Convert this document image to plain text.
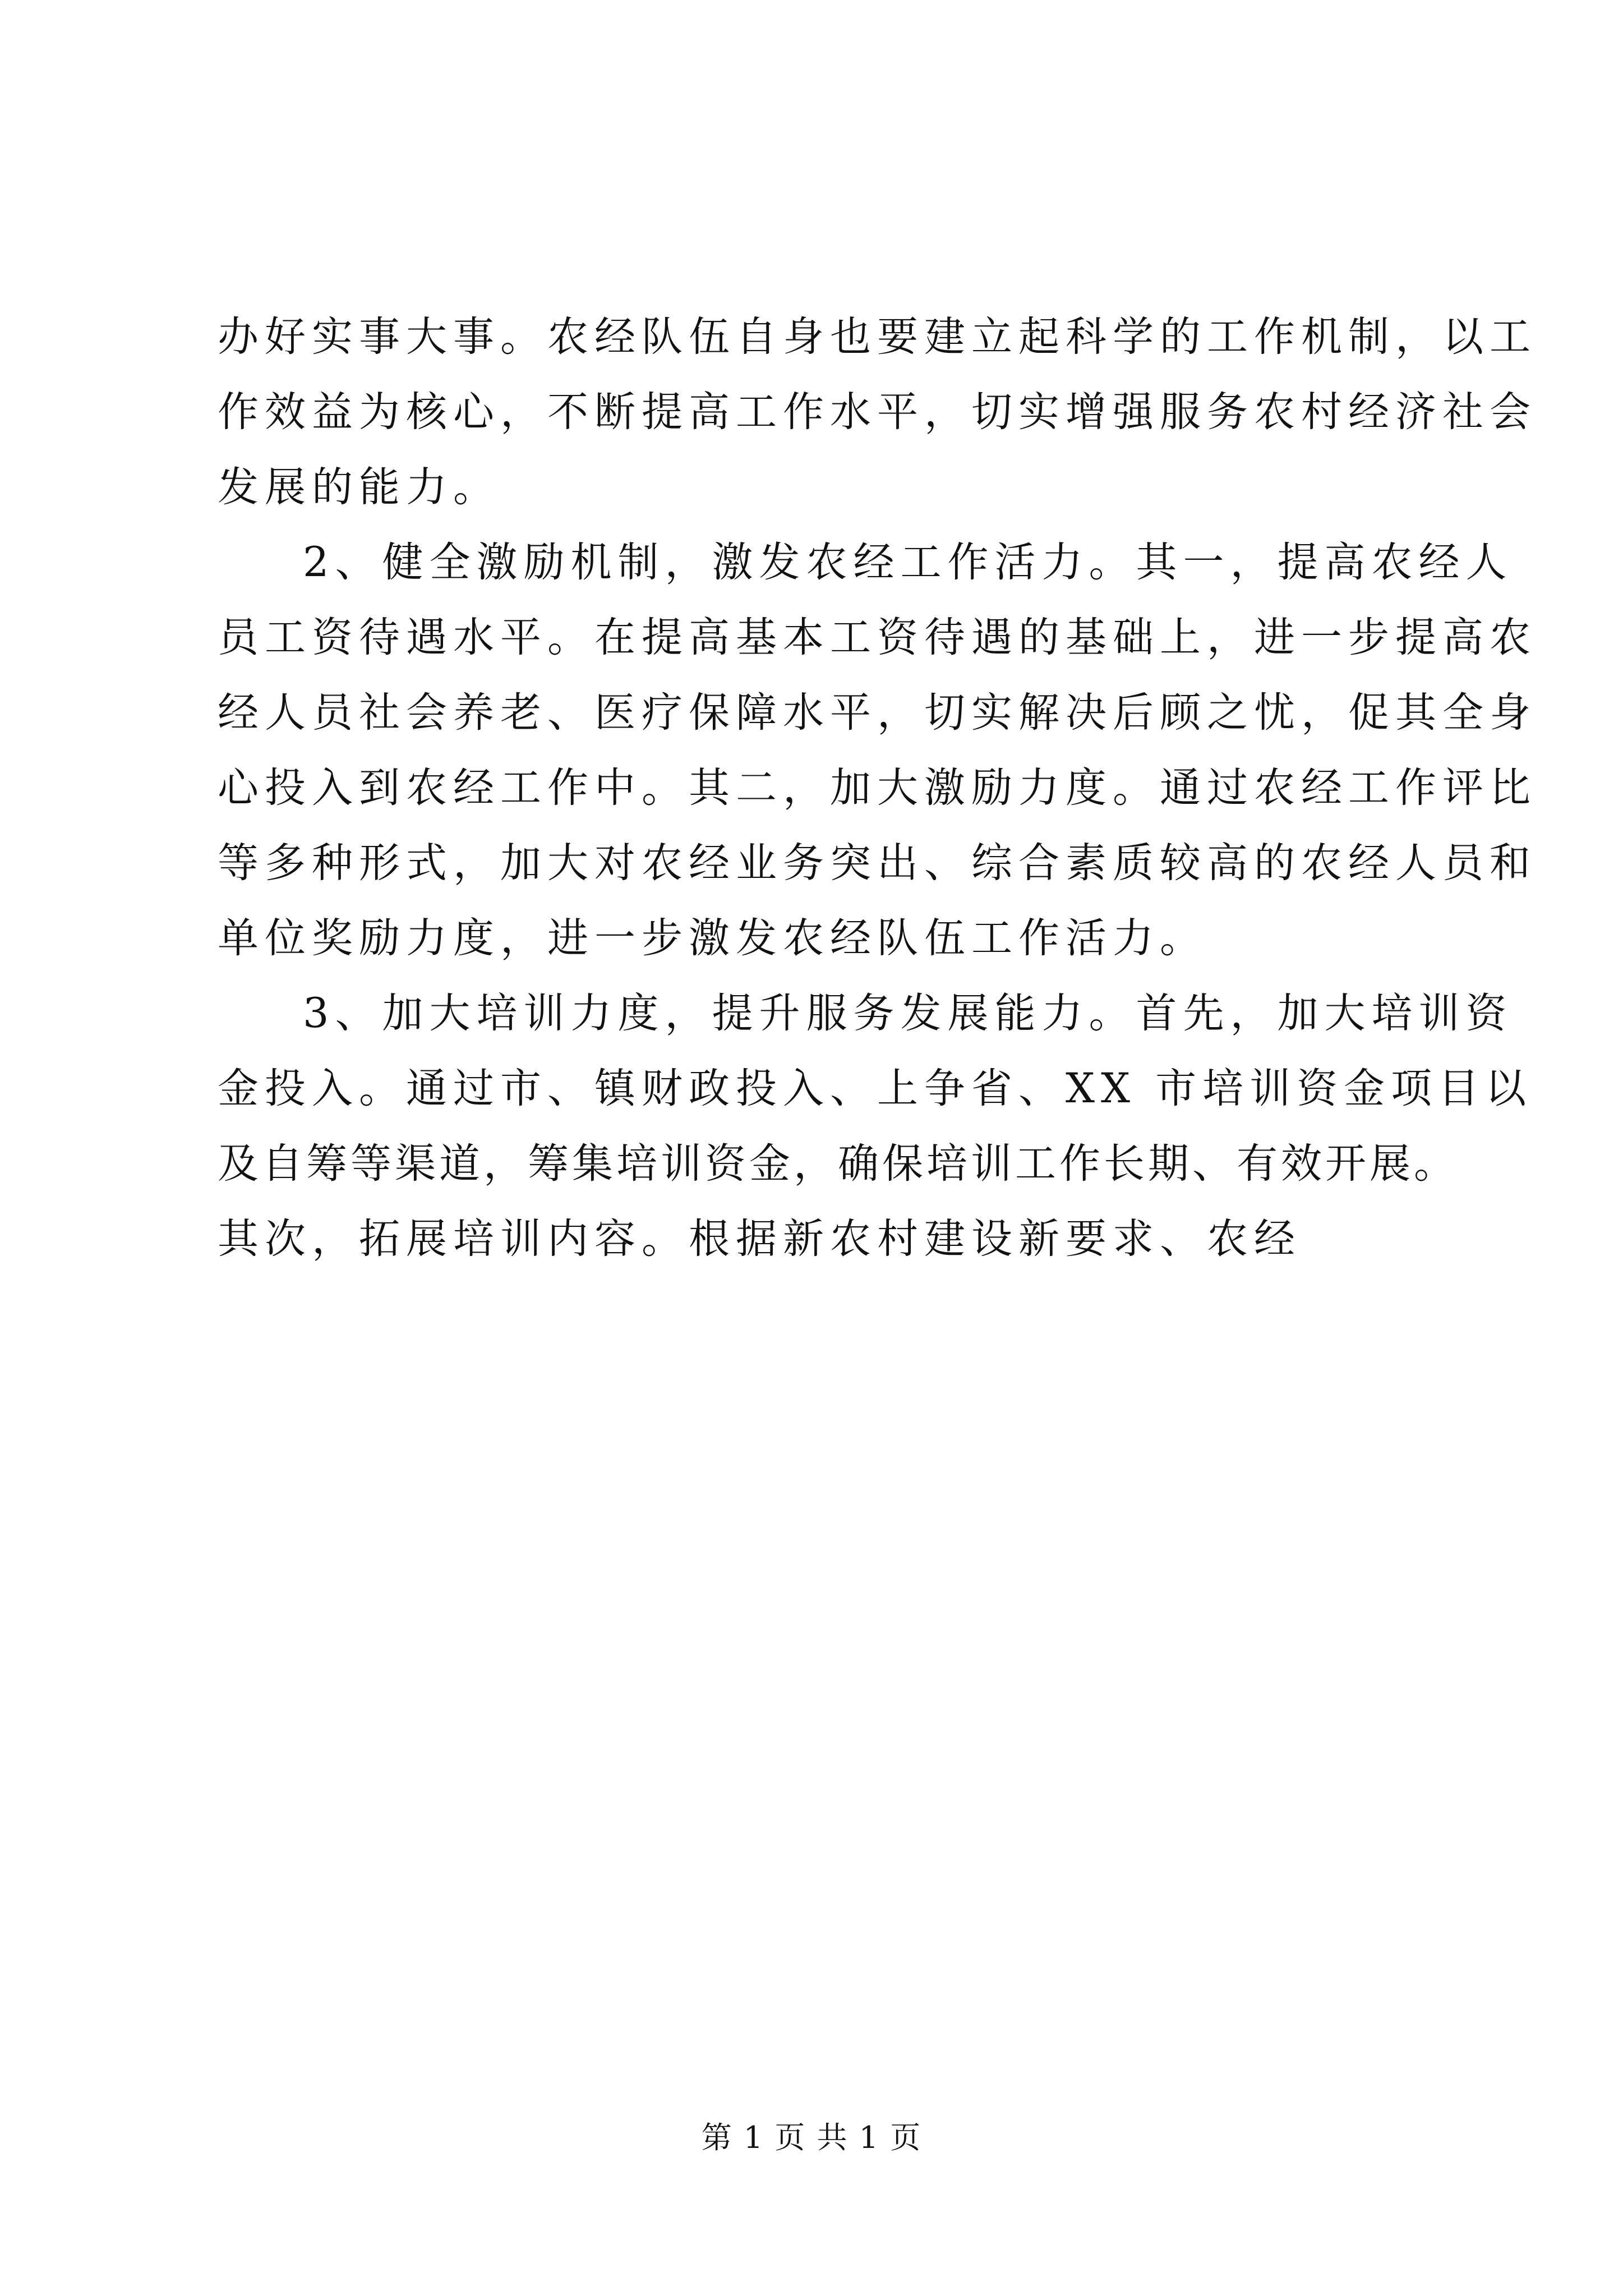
办好实事大事。农经队伍自身也要建立起科学的工作机制，以工
作效益为核心，不断提高工作水平，切实增强服务农村经济社会
发展的能力。
2、健全激励机制，激发农经工作活力。其一，提高农经人
员工资待遇水平。在提高基本工资待遇的基础上，进一步提高农
经人员社会养老、医疗保障水平，切实解决后顾之忧，促其全身
心投入到农经工作中。其二，加大激励力度。通过农经工作评比
等多种形式，加大对农经业务突出、综合素质较高的农经人员和
单位奖励力度，进一步激发农经队伍工作活力。
3、加大培训力度，提升服务发展能力。首先，加大培训资
金投入。通过市、镇财政投入、上争省、XX 市培训资金项目以
及自筹等渠道，筹集培训资金，确保培训工作长期、有效开展。
其次，拓展培训内容。根据新农村建设新要求、农经
第 1 页 共 1 页
